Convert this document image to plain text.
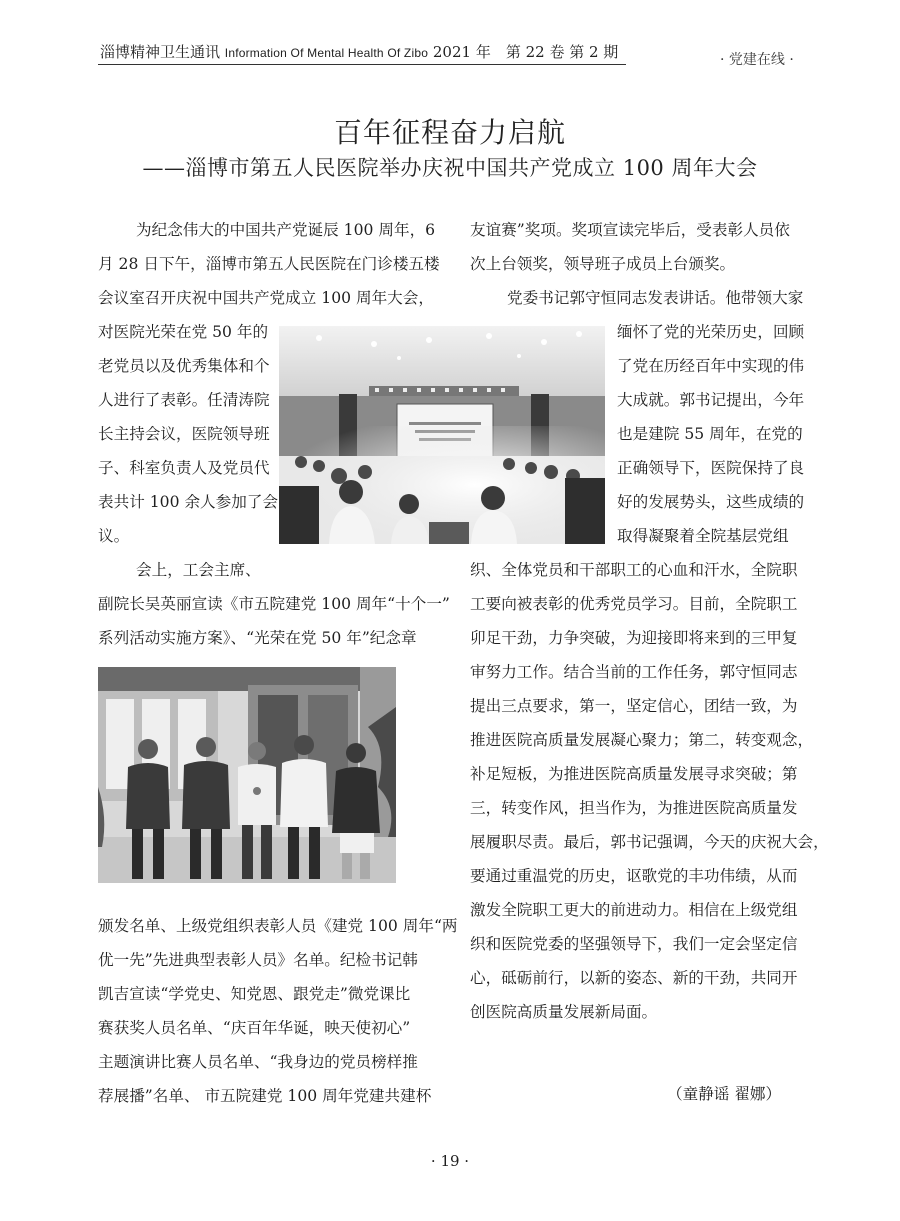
淄博精神卫生通讯 Information Of Mental Health Of Zibo 2021 年　第 22 卷 第 2 期	· 党建在线 ·
百年征程奋力启航
——淄博市第五人民医院举办庆祝中国共产党成立 100 周年大会
为纪念伟大的中国共产党诞辰 100 周年，6
月 28 日下午，淄博市第五人民医院在门诊楼五楼
会议室召开庆祝中国共产党成立 100 周年大会，
对医院光荣在党 50 年的
老党员以及优秀集体和个
人进行了表彰。任清涛院
长主持会议，医院领导班
子、科室负责人及党员代
表共计 100 余人参加了会
议。
会上，工会主席、
副院长吴英丽宣读《市五院建党 100 周年“十个一”
系列活动实施方案》、“光荣在党 50 年”纪念章
颁发名单、上级党组织表彰人员《建党 100 周年“两
优一先”先进典型表彰人员》名单。纪检书记韩
凯吉宣读“学党史、知党恩、跟党走”微党课比
赛获奖人员名单、“庆百年华诞，映天使初心”
主题演讲比赛人员名单、“我身边的党员榜样推
荐展播”名单、 市五院建党 100 周年党建共建杯
友谊赛”奖项。奖项宣读完毕后，受表彰人员依
次上台领奖，领导班子成员上台颁奖。
党委书记郭守恒同志发表讲话。他带领大家
缅怀了党的光荣历史，回顾
了党在历经百年中实现的伟
大成就。郭书记提出，今年
也是建院 55 周年，在党的
正确领导下，医院保持了良
好的发展势头，这些成绩的
取得凝聚着全院基层党组
织、全体党员和干部职工的心血和汗水，全院职
工要向被表彰的优秀党员学习。目前，全院职工
卯足干劲，力争突破，为迎接即将来到的三甲复
审努力工作。结合当前的工作任务，郭守恒同志
提出三点要求，第一，坚定信心，团结一致，为
推进医院高质量发展凝心聚力；第二，转变观念，
补足短板，为推进医院高质量发展寻求突破；第
三，转变作风，担当作为，为推进医院高质量发
展履职尽责。最后，郭书记强调，今天的庆祝大会，
要通过重温党的历史，讴歌党的丰功伟绩，从而
激发全院职工更大的前进动力。相信在上级党组
织和医院党委的坚强领导下，我们一定会坚定信
心，砥砺前行，以新的姿态、新的干劲，共同开
创医院高质量发展新局面。
（童静谣 翟娜）
· 19 ·
